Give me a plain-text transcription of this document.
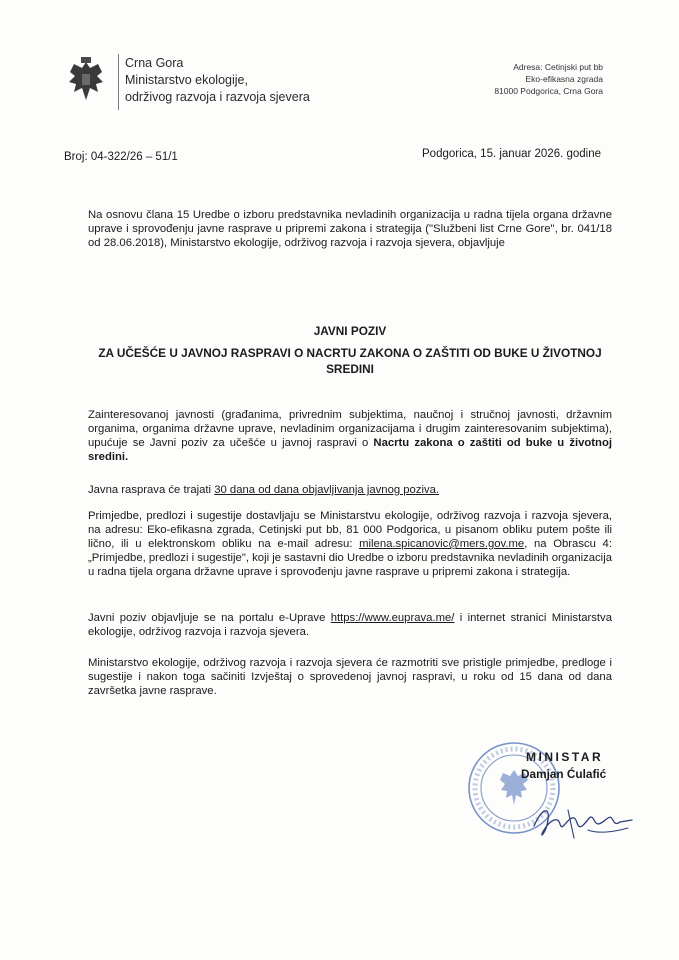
Crna Gora
Ministarstvo ekologije,
održivog razvoja i razvoja sjevera
Adresa: Cetinjski put bb
Eko-efikasna zgrada
81000 Podgorica, Crna Gora
Broj: 04-322/26 – 51/1	Podgorica, 15. januar 2026. godine
Na osnovu člana 15 Uredbe o izboru predstavnika nevladinih organizacija u radna tijela organa državne uprave i sprovođenju javne rasprave u pripremi zakona i strategija ("Službeni list Crne Gore", br. 041/18 od 28.06.2018), Ministarstvo ekologije, održivog razvoja i razvoja sjevera, objavljuje
JAVNI POZIV
ZA UČEŠĆE U JAVNOJ RASPRAVI O NACRTU ZAKONA O ZAŠTITI OD BUKE U ŽIVOTNOJ SREDINI
Zainteresovanoj javnosti (građanima, privrednim subjektima, naučnoj i stručnoj javnosti, državnim organima, organima državne uprave, nevladinim organizacijama i drugim zainteresovanim subjektima), upućuje se Javni poziv za učešće u javnoj raspravi o Nacrtu zakona o zaštiti od buke u životnoj sredini.
Javna rasprava će trajati 30 dana od dana objavljivanja javnog poziva.
Primjedbe, predlozi i sugestije dostavljaju se Ministarstvu ekologije, održivog razvoja i razvoja sjevera, na adresu: Eko-efikasna zgrada, Cetinjski put bb, 81 000 Podgorica, u pisanom obliku putem pošte ili lično, ili u elektronskom obliku na e-mail adresu: milena.spicanovic@mers.gov.me, na Obrascu 4: „Primjedbe, predlozi i sugestije", koji je sastavni dio Uredbe o izboru predstavnika nevladinih organizacija u radna tijela organa državne uprave i sprovođenju javne rasprave u pripremi zakona i strategija.
Javni poziv objavljuje se na portalu e-Uprave https://www.euprava.me/ i internet stranici Ministarstva ekologije, održivog razvoja i razvoja sjevera.
Ministarstvo ekologije, održivog razvoja i razvoja sjevera će razmotriti sve pristigle primjedbe, predloge i sugestije i nakon toga sačiniti Izvještaj o sprovedenoj javnoj raspravi, u roku od 15 dana od dana završetka javne rasprave.
MINISTAR
Damjan Ćulafić
